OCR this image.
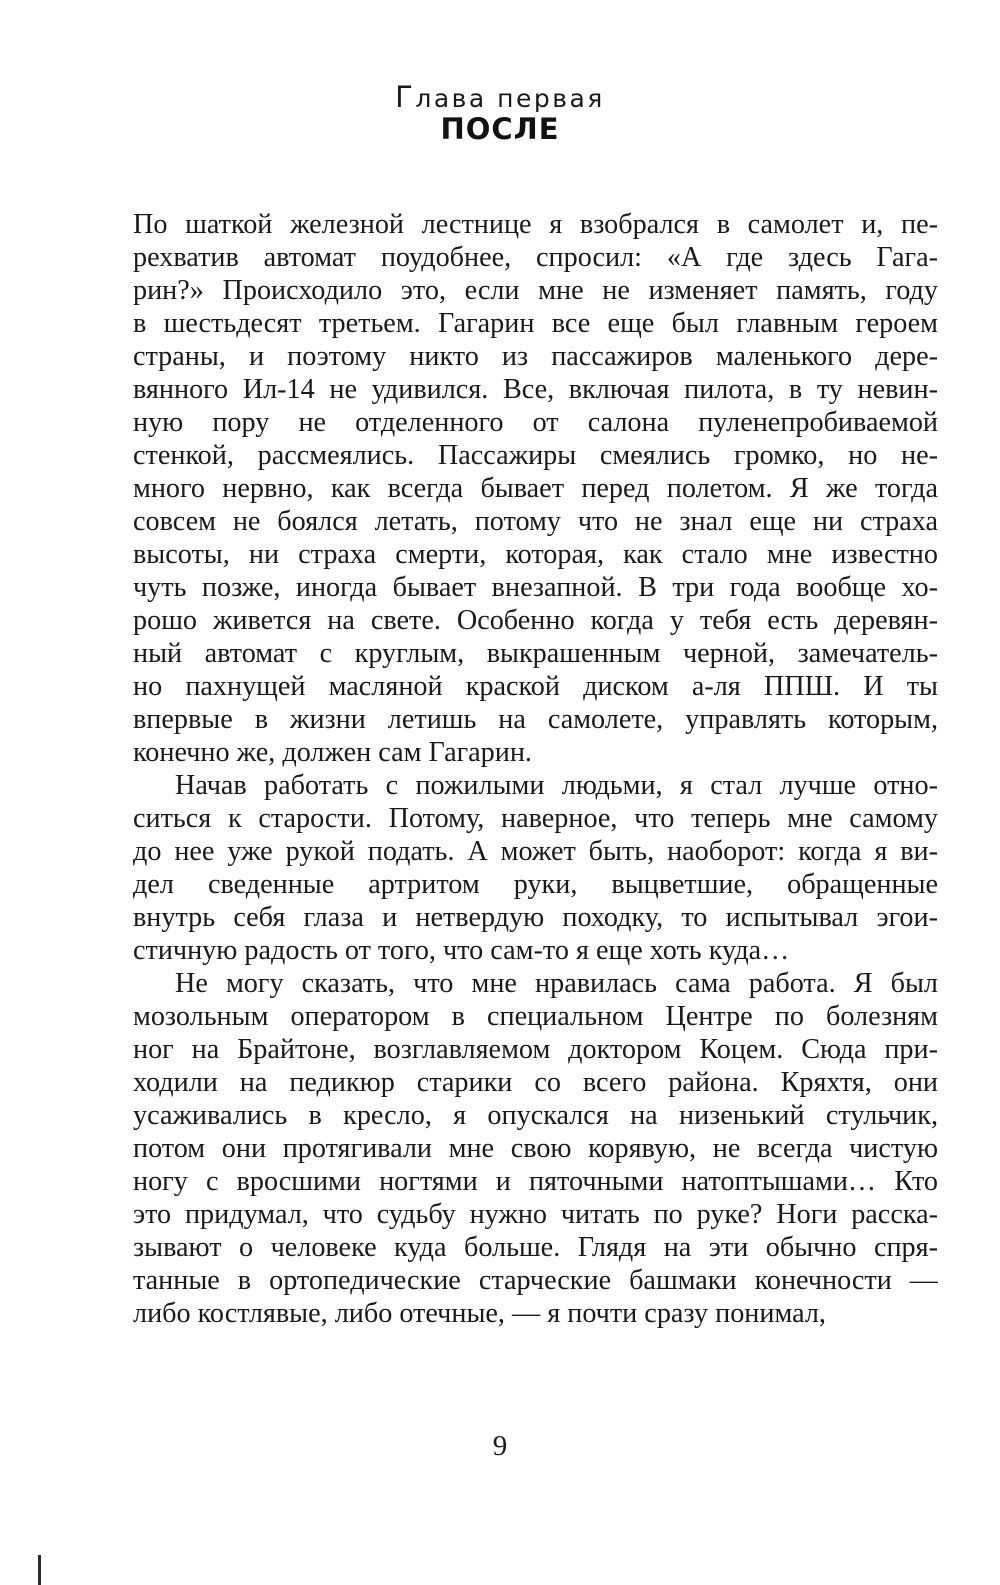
Глава первая
ПОСЛЕ
По шаткой железной лестнице я взобрался в самолет и, пе-
рехватив автомат поудобнее, спросил: «А где здесь Гага-
рин?» Происходило это, если мне не изменяет память, году
в шестьдесят третьем. Гагарин все еще был главным героем
страны, и поэтому никто из пассажиров маленького дере-
вянного Ил-14 не удивился. Все, включая пилота, в ту невин-
ную пору не отделенного от салона пуленепробиваемой
стенкой, рассмеялись. Пассажиры смеялись громко, но не-
много нервно, как всегда бывает перед полетом. Я же тогда
совсем не боялся летать, потому что не знал еще ни страха
высоты, ни страха смерти, которая, как стало мне известно
чуть позже, иногда бывает внезапной. В три года вообще хо-
рошо живется на свете. Особенно когда у тебя есть деревян-
ный автомат с круглым, выкрашенным черной, замечатель-
но пахнущей масляной краской диском а-ля ППШ. И ты
впервые в жизни летишь на самолете, управлять которым,
конечно же, должен сам Гагарин.
Начав работать с пожилыми людьми, я стал лучше отно-
ситься к старости. Потому, наверное, что теперь мне самому
до нее уже рукой подать. А может быть, наоборот: когда я ви-
дел сведенные артритом руки, выцветшие, обращенные
внутрь себя глаза и нетвердую походку, то испытывал эгои-
стичную радость от того, что сам-то я еще хоть куда…
Не могу сказать, что мне нравилась сама работа. Я был
мозольным оператором в специальном Центре по болезням
ног на Брайтоне, возглавляемом доктором Коцем. Сюда при-
ходили на педикюр старики со всего района. Кряхтя, они
усаживались в кресло, я опускался на низенький стульчик,
потом они протягивали мне свою корявую, не всегда чистую
ногу с вросшими ногтями и пяточными натоптышами… Кто
это придумал, что судьбу нужно читать по руке? Ноги расска-
зывают о человеке куда больше. Глядя на эти обычно спря-
танные в ортопедические старческие башмаки конечности —
либо костлявые, либо отечные, — я почти сразу понимал,
9
